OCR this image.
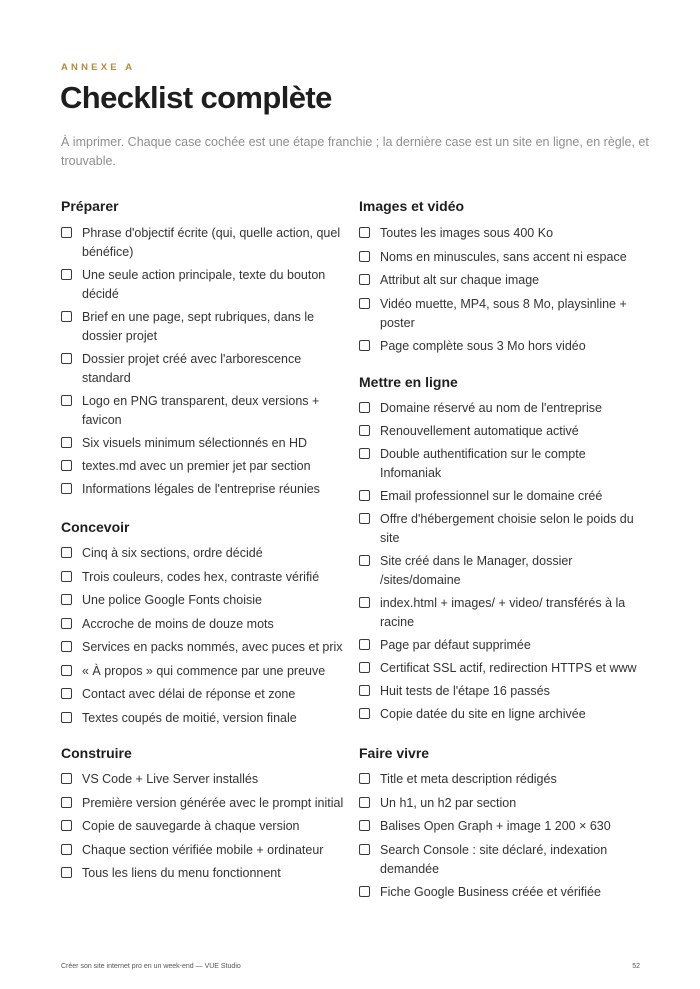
ANNEXE A
Checklist complète
À imprimer. Chaque case cochée est une étape franchie ; la dernière case est un site en ligne, en règle, et trouvable.
Préparer
Phrase d'objectif écrite (qui, quelle action, quel bénéfice)
Une seule action principale, texte du bouton décidé
Brief en une page, sept rubriques, dans le dossier projet
Dossier projet créé avec l'arborescence standard
Logo en PNG transparent, deux versions + favicon
Six visuels minimum sélectionnés en HD
textes.md avec un premier jet par section
Informations légales de l'entreprise réunies
Concevoir
Cinq à six sections, ordre décidé
Trois couleurs, codes hex, contraste vérifié
Une police Google Fonts choisie
Accroche de moins de douze mots
Services en packs nommés, avec puces et prix
« À propos » qui commence par une preuve
Contact avec délai de réponse et zone
Textes coupés de moitié, version finale
Construire
VS Code + Live Server installés
Première version générée avec le prompt initial
Copie de sauvegarde à chaque version
Chaque section vérifiée mobile + ordinateur
Tous les liens du menu fonctionnent
Images et vidéo
Toutes les images sous 400 Ko
Noms en minuscules, sans accent ni espace
Attribut alt sur chaque image
Vidéo muette, MP4, sous 8 Mo, playsinline + poster
Page complète sous 3 Mo hors vidéo
Mettre en ligne
Domaine réservé au nom de l'entreprise
Renouvellement automatique activé
Double authentification sur le compte Infomaniak
Email professionnel sur le domaine créé
Offre d'hébergement choisie selon le poids du site
Site créé dans le Manager, dossier /sites/domaine
index.html + images/ + video/ transférés à la racine
Page par défaut supprimée
Certificat SSL actif, redirection HTTPS et www
Huit tests de l'étape 16 passés
Copie datée du site en ligne archivée
Faire vivre
Title et meta description rédigés
Un h1, un h2 par section
Balises Open Graph + image 1 200 × 630
Search Console : site déclaré, indexation demandée
Fiche Google Business créée et vérifiée
Créer son site internet pro en un week-end — VUE Studio	52
